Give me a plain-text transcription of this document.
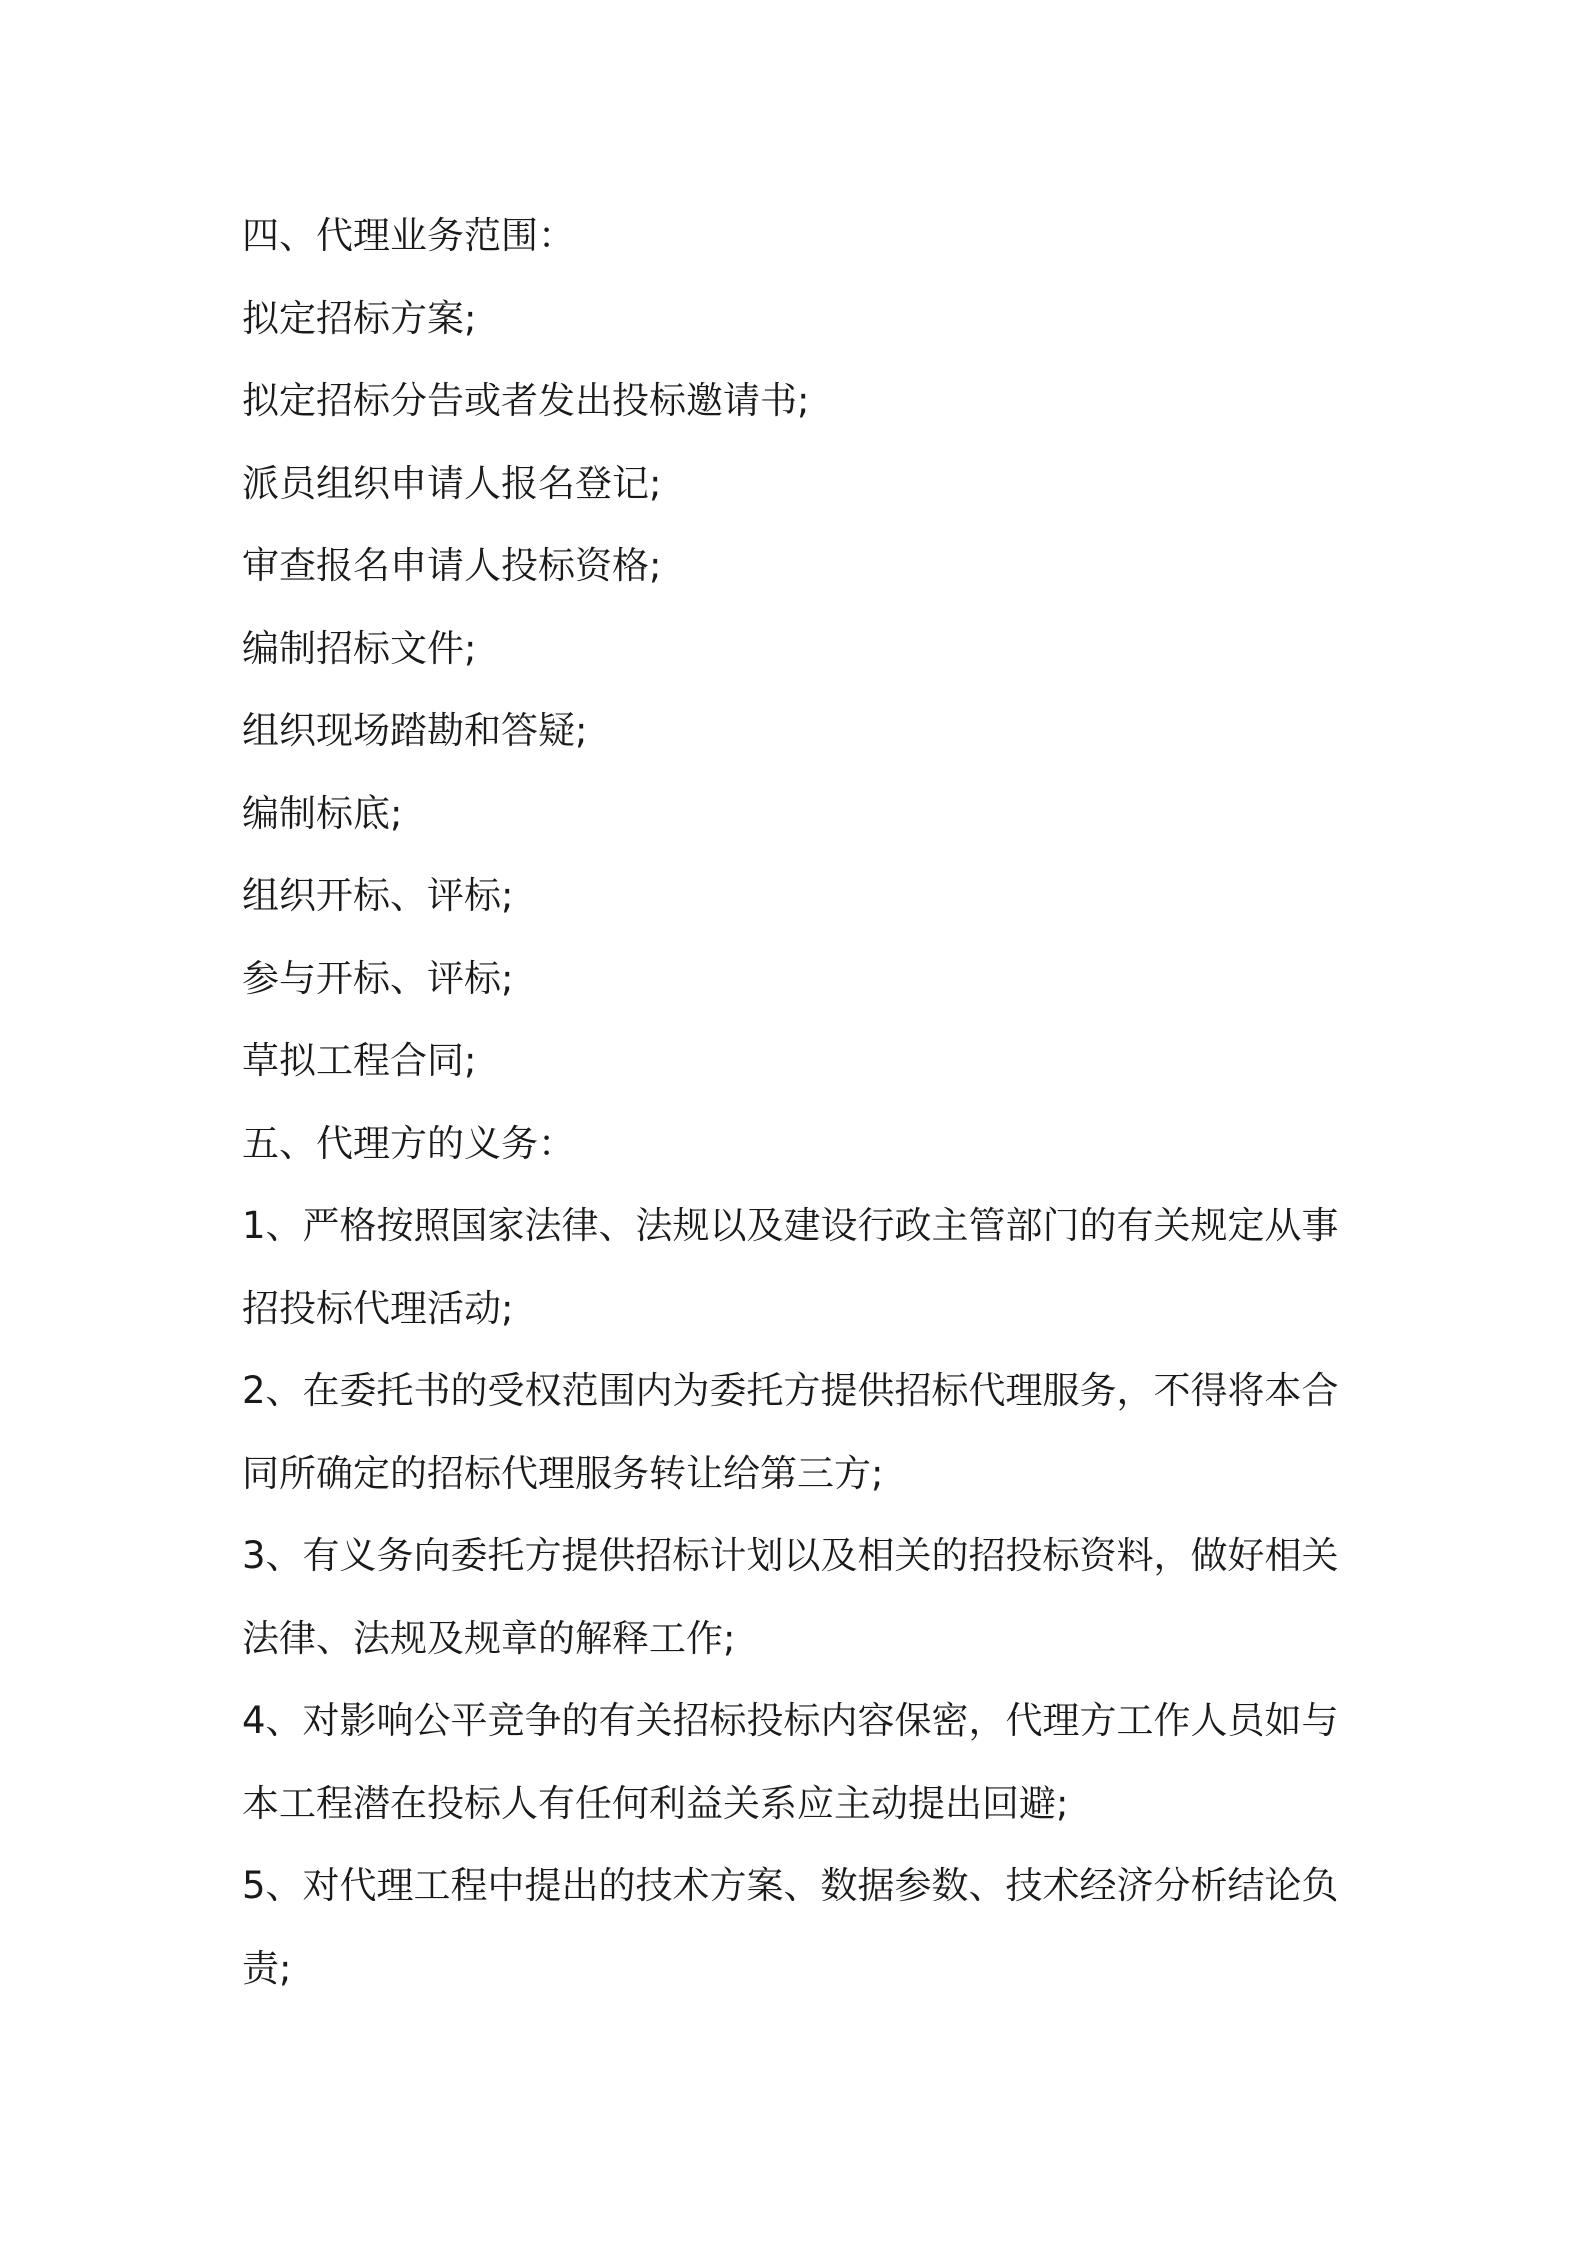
四、代理业务范围：
拟定招标方案;
拟定招标分告或者发出投标邀请书;
派员组织申请人报名登记;
审查报名申请人投标资格;
编制招标文件;
组织现场踏勘和答疑;
编制标底;
组织开标、评标;
参与开标、评标;
草拟工程合同;
五、代理方的义务：
1、严格按照国家法律、法规以及建设行政主管部门的有关规定从事
招投标代理活动;
2、在委托书的受权范围内为委托方提供招标代理服务，不得将本合
同所确定的招标代理服务转让给第三方;
3、有义务向委托方提供招标计划以及相关的招投标资料，做好相关
法律、法规及规章的解释工作;
4、对影响公平竞争的有关招标投标内容保密，代理方工作人员如与
本工程潜在投标人有任何利益关系应主动提出回避;
5、对代理工程中提出的技术方案、数据参数、技术经济分析结论负
责;
